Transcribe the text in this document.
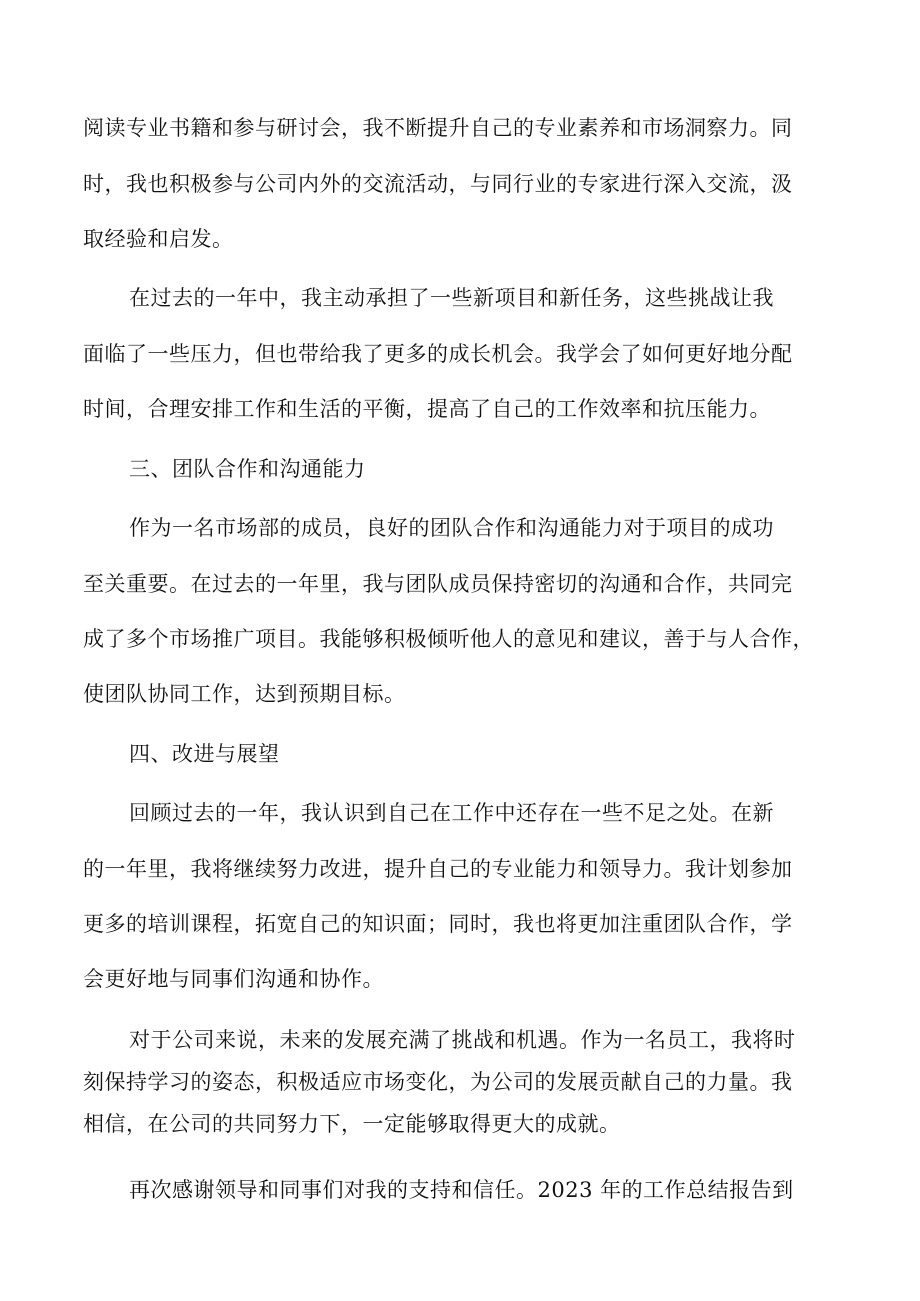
阅读专业书籍和参与研讨会，我不断提升自己的专业素养和市场洞察力。同
时，我也积极参与公司内外的交流活动，与同行业的专家进行深入交流，汲
取经验和启发。
在过去的一年中，我主动承担了一些新项目和新任务，这些挑战让我
面临了一些压力，但也带给我了更多的成长机会。我学会了如何更好地分配
时间，合理安排工作和生活的平衡，提高了自己的工作效率和抗压能力。
三、团队合作和沟通能力
作为一名市场部的成员，良好的团队合作和沟通能力对于项目的成功
至关重要。在过去的一年里，我与团队成员保持密切的沟通和合作，共同完
成了多个市场推广项目。我能够积极倾听他人的意见和建议，善于与人合作，
使团队协同工作，达到预期目标。
四、改进与展望
回顾过去的一年，我认识到自己在工作中还存在一些不足之处。在新
的一年里，我将继续努力改进，提升自己的专业能力和领导力。我计划参加
更多的培训课程，拓宽自己的知识面；同时，我也将更加注重团队合作，学
会更好地与同事们沟通和协作。
对于公司来说，未来的发展充满了挑战和机遇。作为一名员工，我将时
刻保持学习的姿态，积极适应市场变化，为公司的发展贡献自己的力量。我
相信，在公司的共同努力下，一定能够取得更大的成就。
再次感谢领导和同事们对我的支持和信任。2023 年的工作总结报告到
